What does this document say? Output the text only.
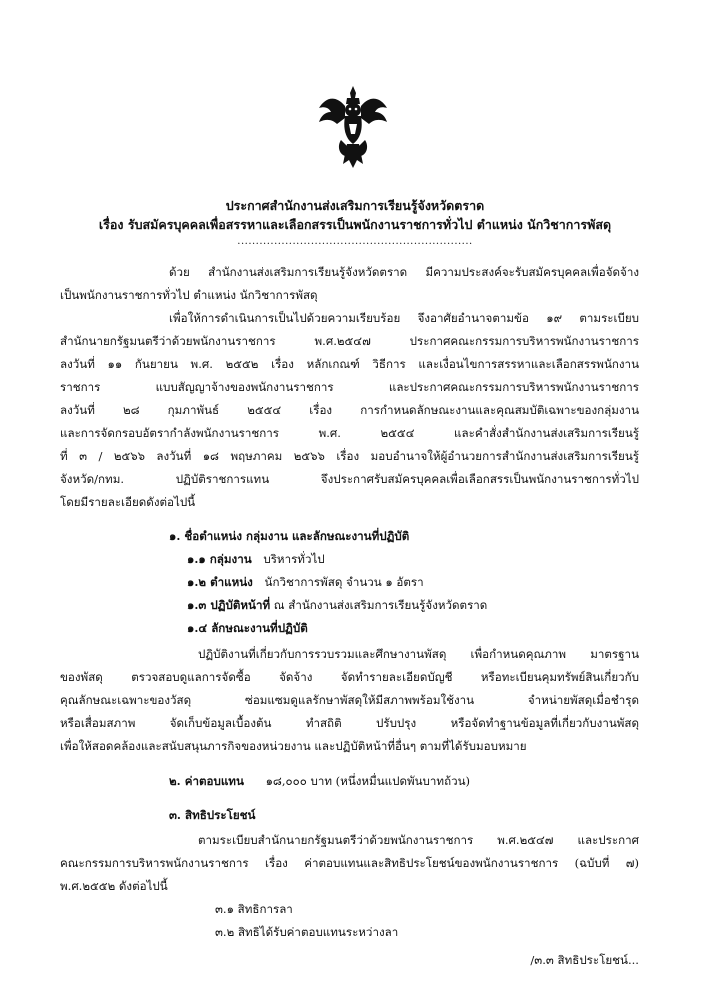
ประกาศสำนักงานส่งเสริมการเรียนรู้จังหวัดตราด
เรื่อง รับสมัครบุคคลเพื่อสรรหาและเลือกสรรเป็นพนักงานราชการทั่วไป ตำแหน่ง นักวิชาการพัสดุ
................................................................
ด้วย สำนักงานส่งเสริมการเรียนรู้จังหวัดตราด มีความประสงค์จะรับสมัครบุคคลเพื่อจัดจ้าง
เป็นพนักงานราชการทั่วไป ตำแหน่ง นักวิชาการพัสดุ
เพื่อให้การดำเนินการเป็นไปด้วยความเรียบร้อย จึงอาศัยอำนาจตามข้อ ๑๙ ตามระเบียบ
สำนักนายกรัฐมนตรีว่าด้วยพนักงานราชการ พ.ศ.๒๕๔๗ ประกาศคณะกรรมการบริหารพนักงานราชการ
ลงวันที่ ๑๑ กันยายน พ.ศ. ๒๕๕๒ เรื่อง หลักเกณฑ์ วิธีการ และเงื่อนไขการสรรหาและเลือกสรรพนักงาน
ราชการ แบบสัญญาจ้างของพนักงานราชการ และประกาศคณะกรรมการบริหารพนักงานราชการ
ลงวันที่ ๒๘ กุมภาพันธ์ ๒๕๕๔ เรื่อง การกำหนดลักษณะงานและคุณสมบัติเฉพาะของกลุ่มงาน
และการจัดกรอบอัตรากำลังพนักงานราชการ พ.ศ. ๒๕๕๔ และคำสั่งสำนักงานส่งเสริมการเรียนรู้
ที่ ๓ / ๒๕๖๖ ลงวันที่ ๑๘ พฤษภาคม ๒๕๖๖ เรื่อง มอบอำนาจให้ผู้อำนวยการสำนักงานส่งเสริมการเรียนรู้
จังหวัด/กทม. ปฏิบัติราชการแทน จึงประกาศรับสมัครบุคคลเพื่อเลือกสรรเป็นพนักงานราชการทั่วไป
โดยมีรายละเอียดดังต่อไปนี้
๑. ชื่อตำแหน่ง กลุ่มงาน และลักษณะงานที่ปฏิบัติ
๑.๑ กลุ่มงาน บริหารทั่วไป
๑.๒ ตำแหน่ง นักวิชาการพัสดุ จำนวน ๑ อัตรา
๑.๓ ปฏิบัติหน้าที่ ณ สำนักงานส่งเสริมการเรียนรู้จังหวัดตราด
๑.๔ ลักษณะงานที่ปฏิบัติ
ปฏิบัติงานที่เกี่ยวกับการรวบรวมและศึกษางานพัสดุ เพื่อกำหนดคุณภาพ มาตรฐาน
ของพัสดุ ตรวจสอบดูแลการจัดซื้อ จัดจ้าง จัดทำรายละเอียดบัญชี หรือทะเบียนคุมทรัพย์สินเกี่ยวกับ
คุณลักษณะเฉพาะของวัสดุ ซ่อมแซมดูแลรักษาพัสดุให้มีสภาพพร้อมใช้งาน จำหน่ายพัสดุเมื่อชำรุด
หรือเสื่อมสภาพ จัดเก็บข้อมูลเบื้องต้น ทำสถิติ ปรับปรุง หรือจัดทำฐานข้อมูลที่เกี่ยวกับงานพัสดุ
เพื่อให้สอดคล้องและสนับสนุนภารกิจของหน่วยงาน และปฏิบัติหน้าที่อื่นๆ ตามที่ได้รับมอบหมาย
๒. ค่าตอบแทน ๑๘,๐๐๐ บาท (หนึ่งหมื่นแปดพันบาทถ้วน)
๓. สิทธิประโยชน์
ตามระเบียบสำนักนายกรัฐมนตรีว่าด้วยพนักงานราชการ พ.ศ.๒๕๔๗ และประกาศ
คณะกรรมการบริหารพนักงานราชการ เรื่อง ค่าตอบแทนและสิทธิประโยชน์ของพนักงานราชการ (ฉบับที่ ๗)
พ.ศ.๒๕๕๒ ดังต่อไปนี้
๓.๑ สิทธิการลา
๓.๒ สิทธิได้รับค่าตอบแทนระหว่างลา
/๓.๓ สิทธิประโยชน์...
